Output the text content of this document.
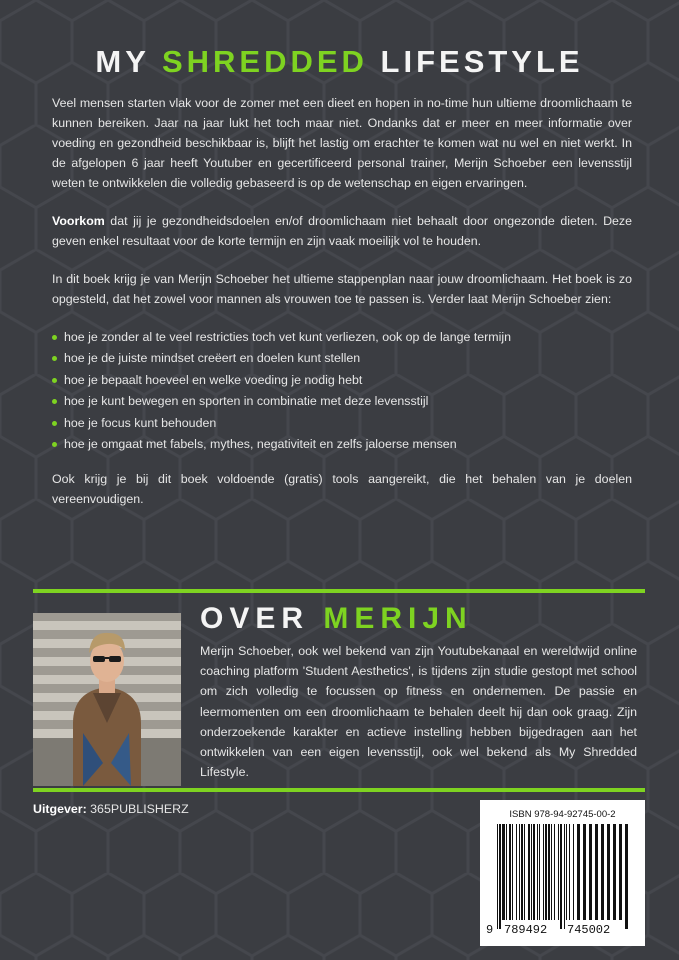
MY SHREDDED LIFESTYLE

Veel mensen starten vlak voor de zomer met een dieet en hopen in no-time hun ultieme droomlichaam te kunnen bereiken. Jaar na jaar lukt het toch maar niet. Ondanks dat er meer en meer informatie over voeding en gezondheid beschikbaar is, blijft het lastig om erachter te komen wat nu wel en niet werkt. In de afgelopen 6 jaar heeft Youtuber en gecertificeerd personal trainer, Merijn Schoeber een levensstijl weten te ontwikkelen die volledig gebaseerd is op de wetenschap en eigen ervaringen.

Voorkom dat jij je gezondheidsdoelen en/of droomlichaam niet behaalt door ongezonde dieten. Deze geven enkel resultaat voor de korte termijn en zijn vaak moeilijk vol te houden.

In dit boek krijg je van Merijn Schoeber het ultieme stappenplan naar jouw droomlichaam. Het boek is zo opgesteld, dat het zowel voor mannen als vrouwen toe te passen is. Verder laat Merijn Schoeber zien:

hoe je zonder al te veel restricties toch vet kunt verliezen, ook op de lange termijn
hoe je de juiste mindset creëert en doelen kunt stellen
hoe je bepaalt hoeveel en welke voeding je nodig hebt
hoe je kunt bewegen en sporten in combinatie met deze levensstijl
hoe je focus kunt behouden
hoe je omgaat met fabels, mythes, negativiteit en zelfs jaloerse mensen

Ook krijg je bij dit boek voldoende (gratis) tools aangereikt, die het behalen van je doelen vereenvoudigen.

OVER MERIJN

Merijn Schoeber, ook wel bekend van zijn Youtubekanaal en wereldwijd online coaching platform 'Student Aesthetics', is tijdens zijn studie gestopt met school om zich volledig te focussen op fitness en ondernemen. De passie en leermomenten om een droomlichaam te behalen deelt hij dan ook graag. Zijn onderzoekende karakter en actieve instelling hebben bijgedragen aan het ontwikkelen van een eigen levensstijl, ook wel bekend als My Shredded Lifestyle.

Uitgever: 365PUBLISHERZ	ISBN 978-94-92745-00-2
9 789492 745002
